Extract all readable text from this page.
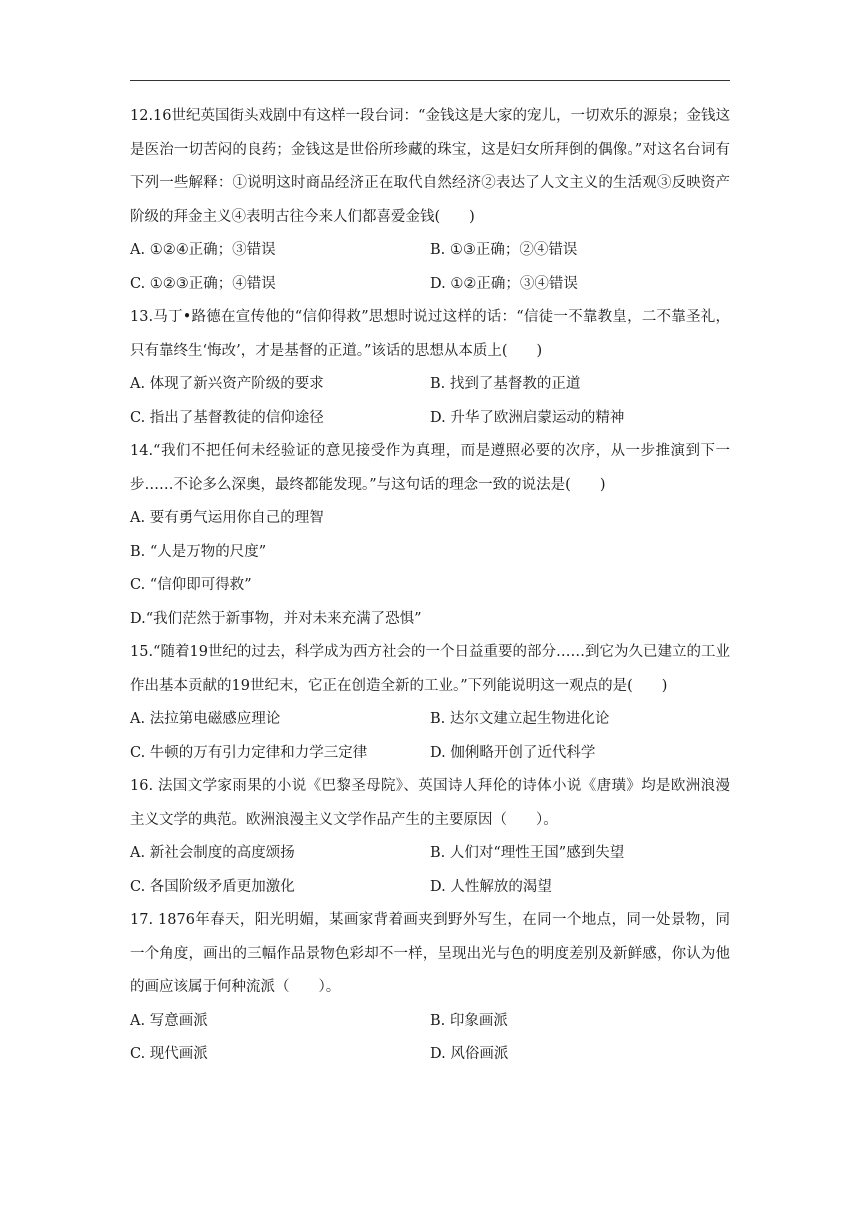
12.16世纪英国街头戏剧中有这样一段台词：“金钱这是大家的宠儿，一切欢乐的源泉；金钱这是医治一切苦闷的良药；金钱这是世俗所珍藏的珠宝，这是妇女所拜倒的偶像。”对这名台词有下列一些解释：①说明这时商品经济正在取代自然经济②表达了人文主义的生活观③反映资产阶级的拜金主义④表明古往今来人们都喜爱金钱(　　)

A. ①②④正确；③错误	B. ①③正确；②④错误
C. ①②③正确；④错误	D. ①②正确；③④错误

13.马丁•路德在宣传他的“信仰得救”思想时说过这样的话：“信徒一不靠教皇，二不靠圣礼，只有靠终生‘悔改’，才是基督的正道。”该话的思想从本质上(　　)

A. 体现了新兴资产阶级的要求	B. 找到了基督教的正道
C. 指出了基督教徒的信仰途径	D. 升华了欧洲启蒙运动的精神

14.“我们不把任何未经验证的意见接受作为真理，而是遵照必要的次序，从一步推演到下一步……不论多么深奥，最终都能发现。”与这句话的理念一致的说法是(　　)

A. 要有勇气运用你自己的理智
B. “人是万物的尺度”
C. “信仰即可得救”
D.“我们茫然于新事物，并对未来充满了恐惧”

15.“随着19世纪的过去，科学成为西方社会的一个日益重要的部分……到它为久已建立的工业作出基本贡献的19世纪末，它正在创造全新的工业。”下列能说明这一观点的是(　　)

A. 法拉第电磁感应理论	B. 达尔文建立起生物进化论
C. 牛顿的万有引力定律和力学三定律	D. 伽俐略开创了近代科学

16. 法国文学家雨果的小说《巴黎圣母院》、英国诗人拜伦的诗体小说《唐璜》均是欧洲浪漫主义文学的典范。欧洲浪漫主义文学作品产生的主要原因（　　）。

A. 新社会制度的高度颂扬	B. 人们对“理性王国”感到失望
C. 各国阶级矛盾更加激化	D. 人性解放的渴望

17. 1876年春天，阳光明媚，某画家背着画夹到野外写生，在同一个地点，同一处景物，同一个角度，画出的三幅作品景物色彩却不一样，呈现出光与色的明度差别及新鲜感，你认为他的画应该属于何种流派（　　）。

A. 写意画派	B. 印象画派
C. 现代画派	D. 风俗画派
